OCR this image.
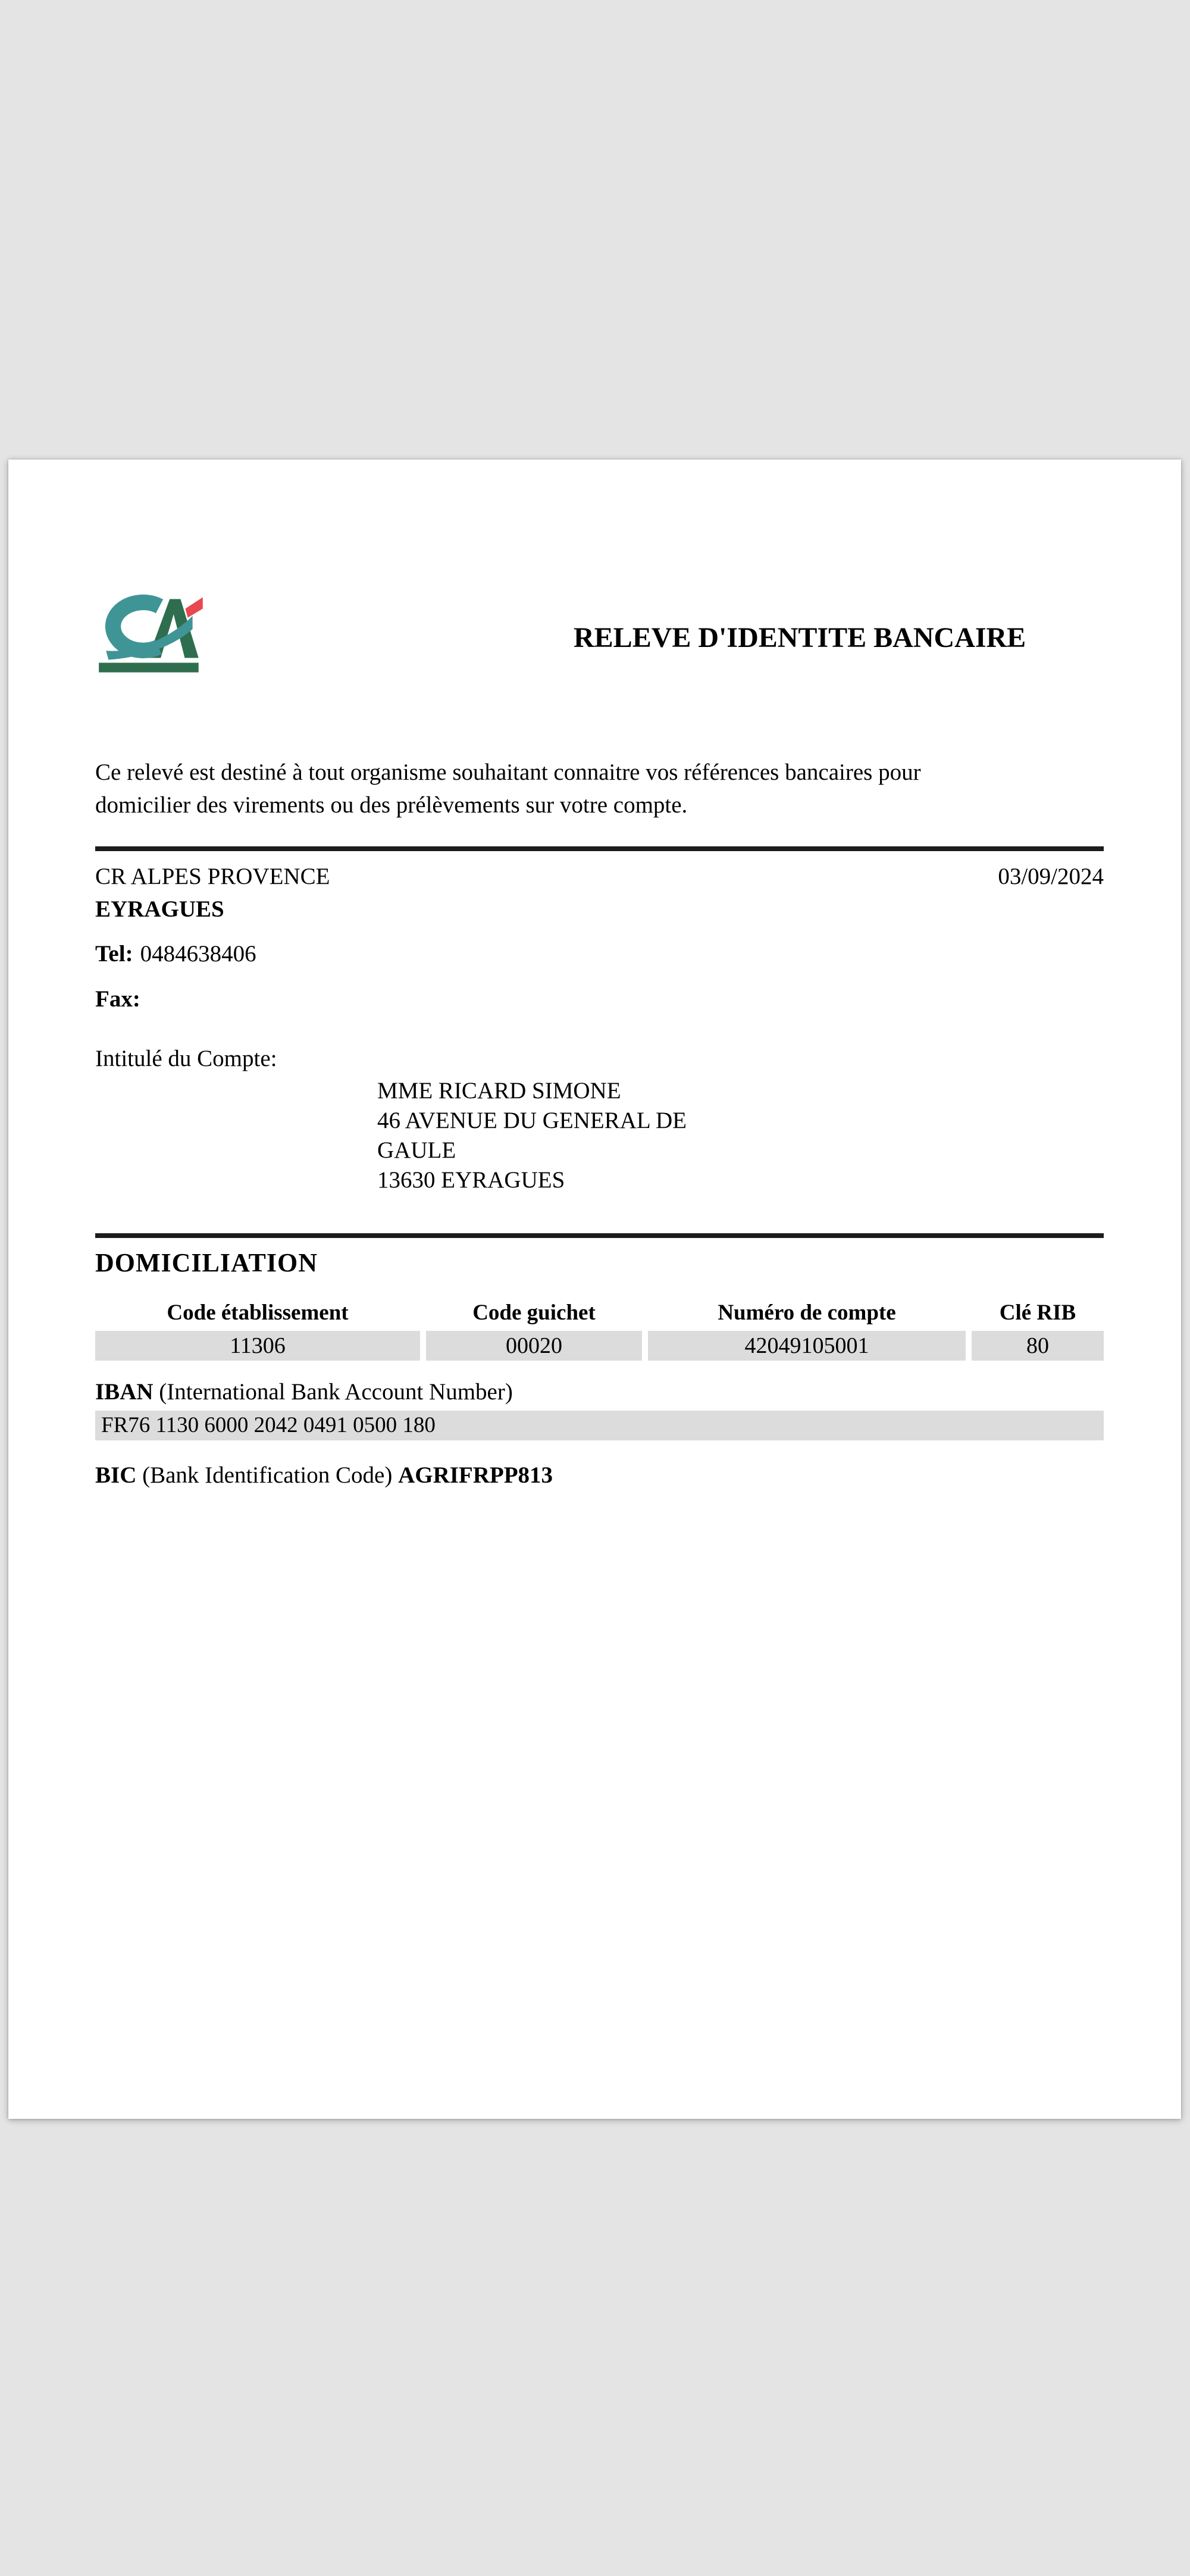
RELEVE D'IDENTITE BANCAIRE
Ce relevé est destiné à tout organisme souhaitant connaitre vos références bancaires pour
domicilier des virements ou des prélèvements sur votre compte.
CR ALPES PROVENCE	03/09/2024
EYRAGUES
Tel: 0484638406
Fax:
Intitulé du Compte:
MME RICARD SIMONE
46 AVENUE DU GENERAL DE
GAULE
13630 EYRAGUES
DOMICILIATION
Code établissement	Code guichet	Numéro de compte	Clé RIB
11306	00020	42049105001	80
IBAN (International Bank Account Number)
FR76 1130 6000 2042 0491 0500 180
BIC (Bank Identification Code) AGRIFRPP813
